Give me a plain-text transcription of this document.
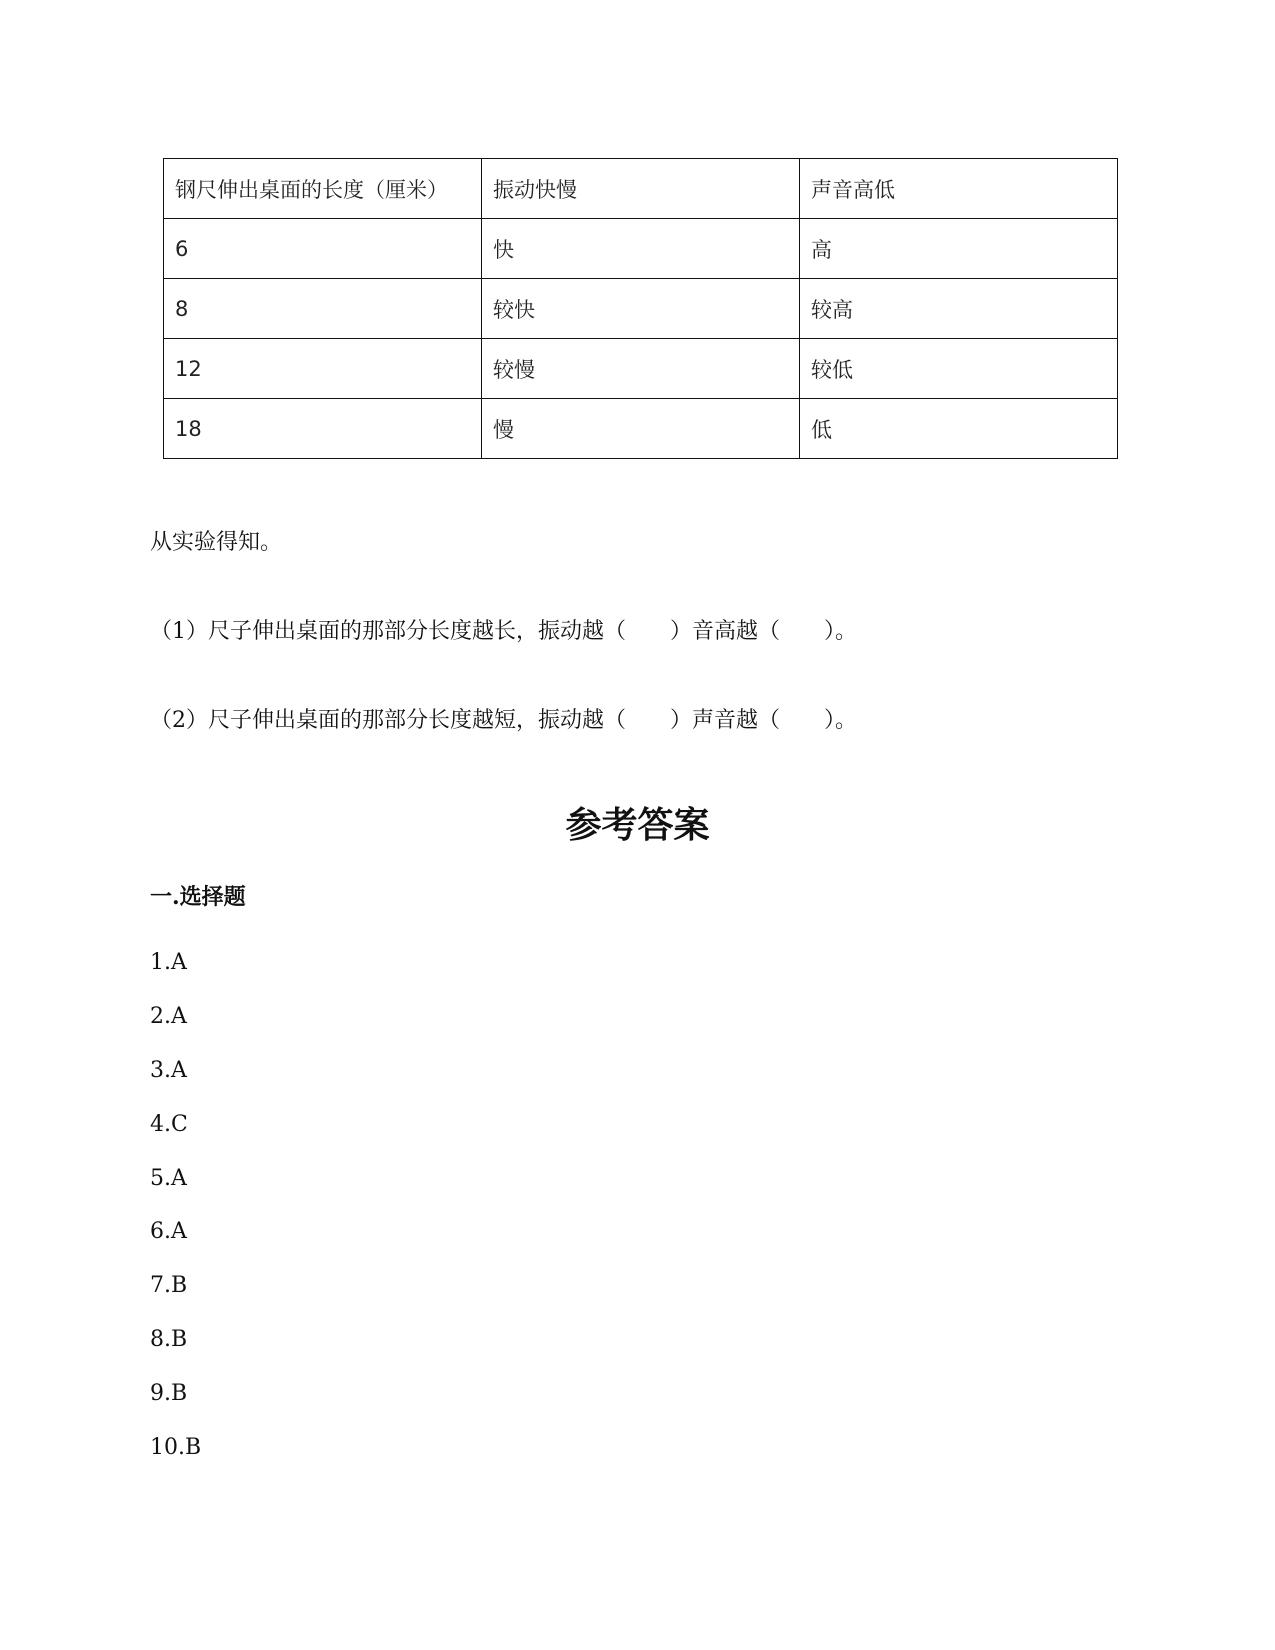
钢尺伸出桌面的长度（厘米）	振动快慢	声音高低
6	快	高
8	较快	较高
12	较慢	较低
18	慢	低
从实验得知。
（1）尺子伸出桌面的那部分长度越长，振动越（　　）音高越（　　）。
（2）尺子伸出桌面的那部分长度越短，振动越（　　）声音越（　　）。
参考答案
一.选择题
1.A
2.A
3.A
4.C
5.A
6.A
7.B
8.B
9.B
10.B
